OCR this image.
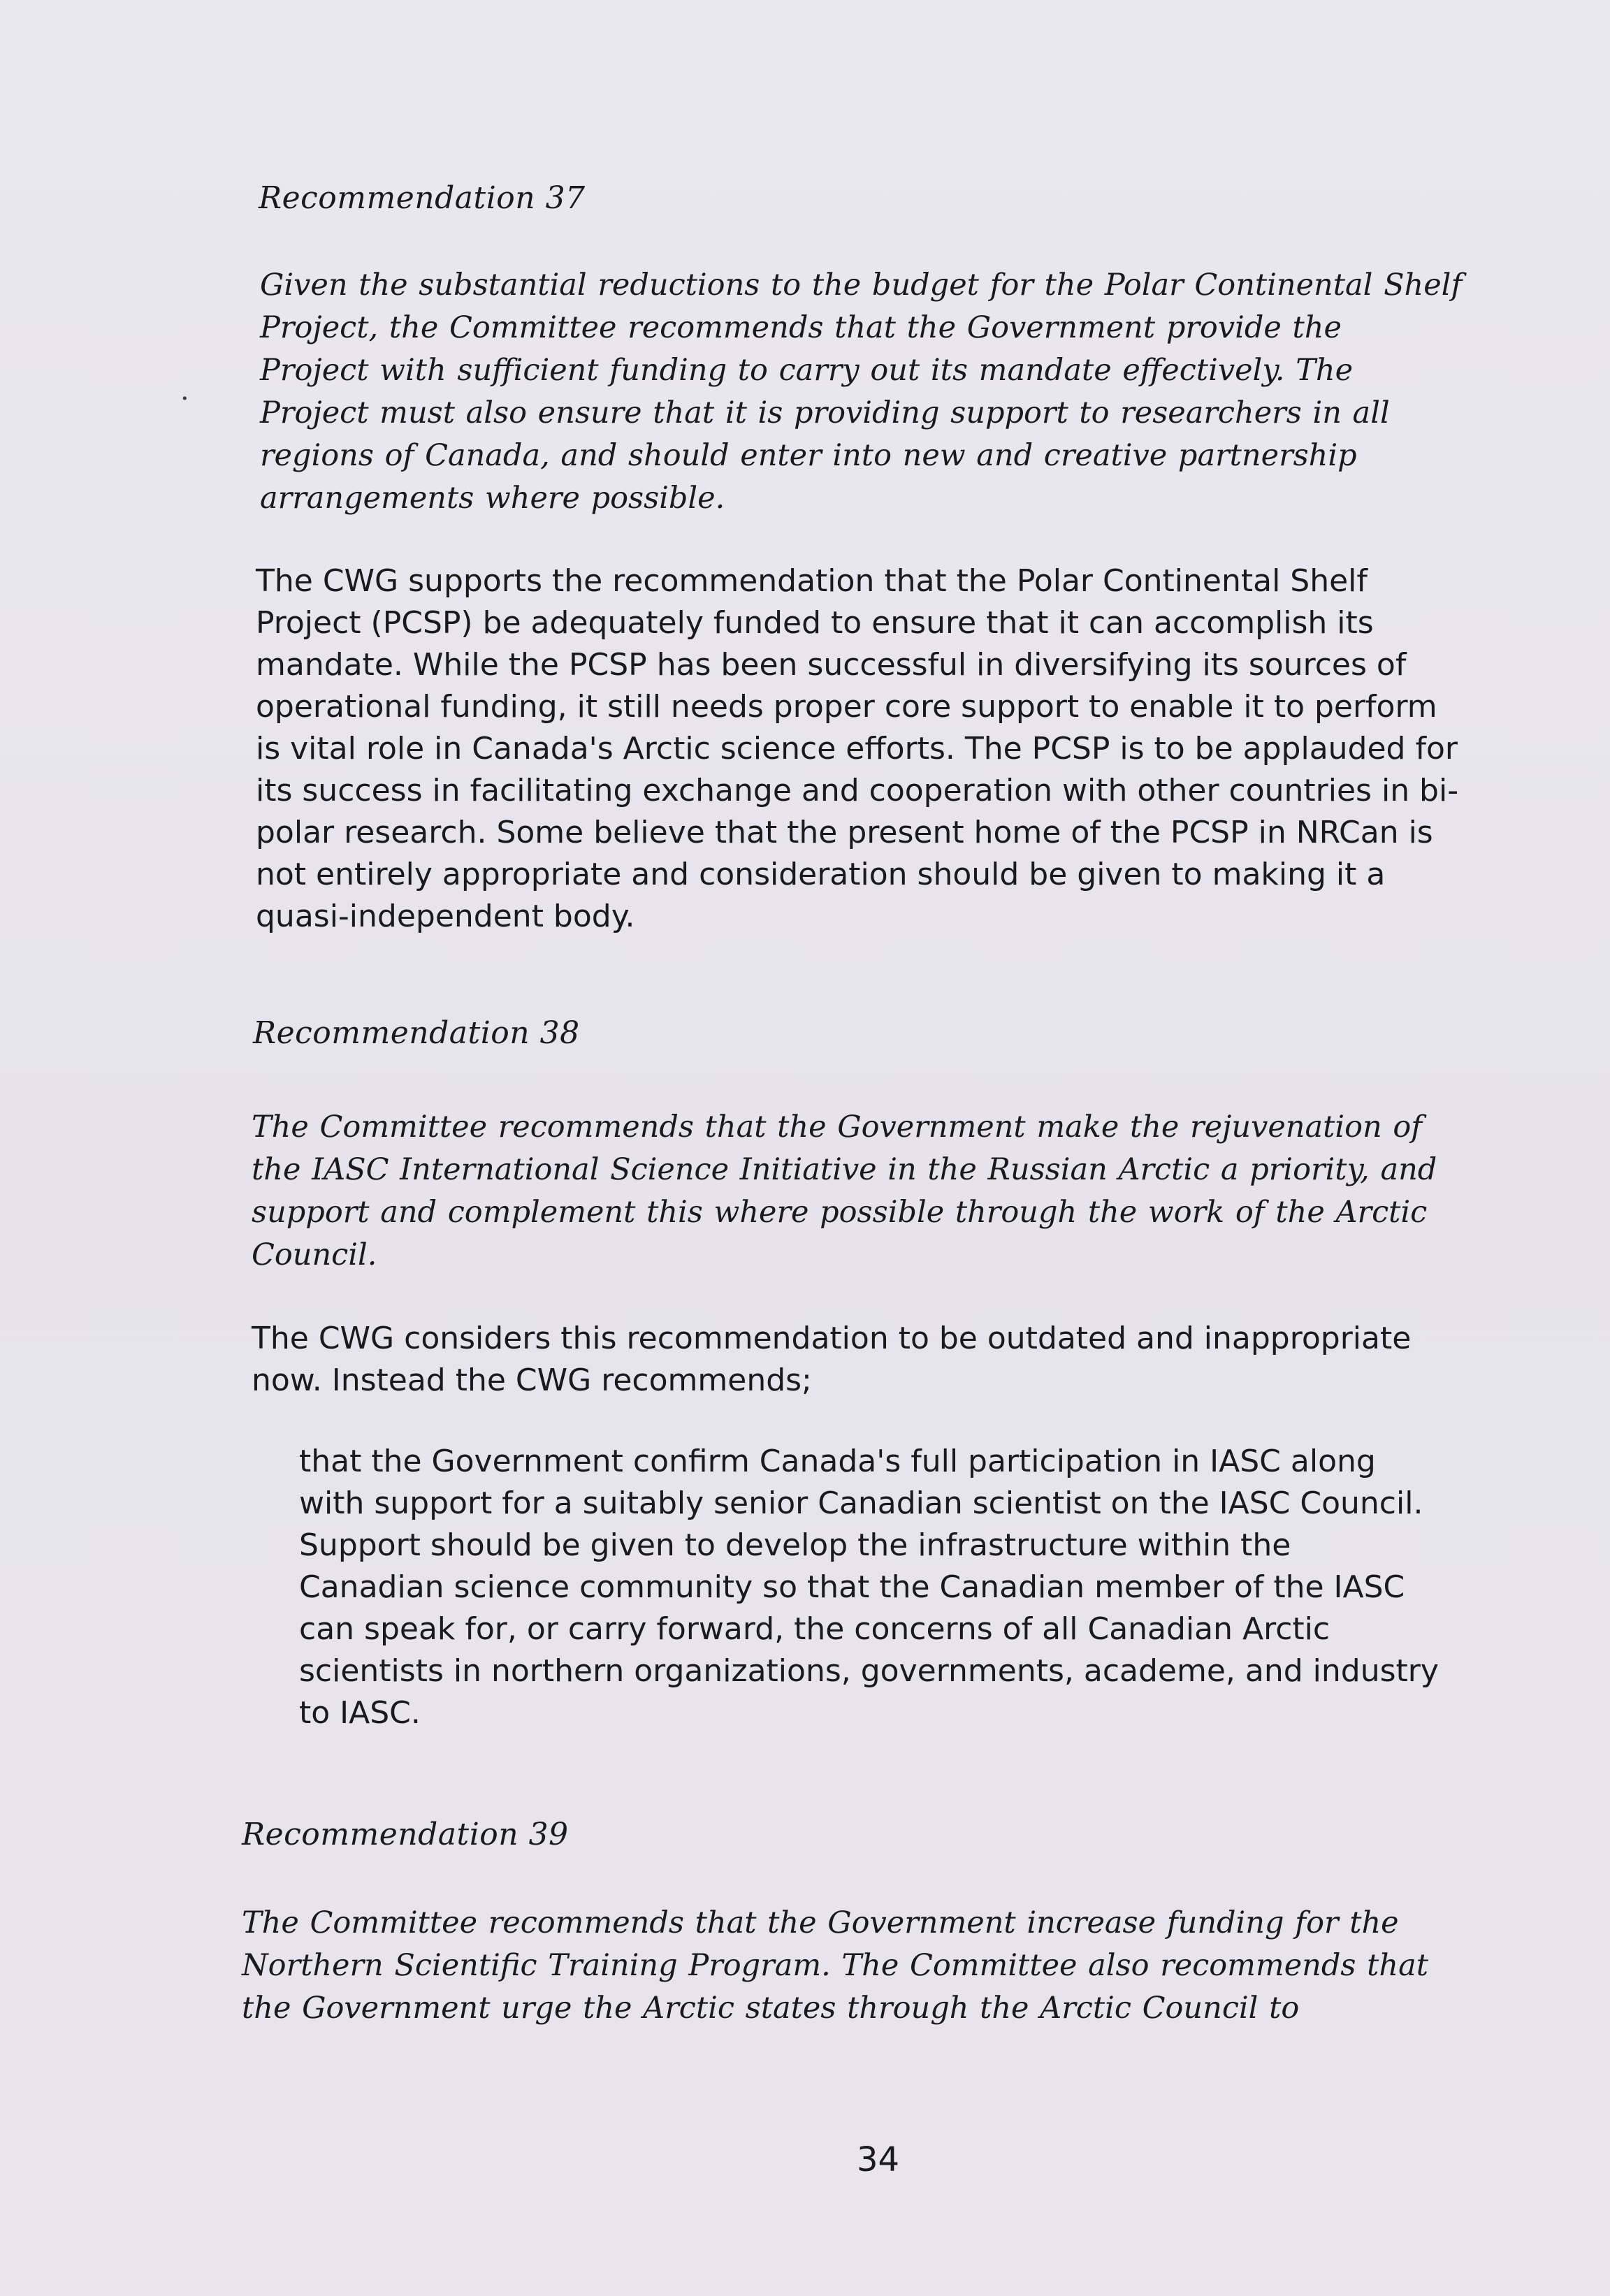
Recommendation 37
Given the substantial reductions to the budget for the Polar Continental Shelf
Project, the Committee recommends that the Government provide the
Project with sufficient funding to carry out its mandate effectively. The
Project must also ensure that it is providing support to researchers in all
regions of Canada, and should enter into new and creative partnership
arrangements where possible.
·
The CWG supports the recommendation that the Polar Continental Shelf
Project (PCSP) be adequately funded to ensure that it can accomplish its
mandate. While the PCSP has been successful in diversifying its sources of
operational funding, it still needs proper core support to enable it to perform
is vital role in Canada's Arctic science efforts. The PCSP is to be applauded for
its success in facilitating exchange and cooperation with other countries in bi-
polar research. Some believe that the present home of the PCSP in NRCan is
not entirely appropriate and consideration should be given to making it a
quasi-independent body.
Recommendation 38
The Committee recommends that the Government make the rejuvenation of
the IASC International Science Initiative in the Russian Arctic a priority, and
support and complement this where possible through the work of the Arctic
Council.
The CWG considers this recommendation to be outdated and inappropriate
now. Instead the CWG recommends;
that the Government confirm Canada's full participation in IASC along
with support for a suitably senior Canadian scientist on the IASC Council.
Support should be given to develop the infrastructure within the
Canadian science community so that the Canadian member of the IASC
can speak for, or carry forward, the concerns of all Canadian Arctic
scientists in northern organizations, governments, academe, and industry
to IASC.
Recommendation 39
The Committee recommends that the Government increase funding for the
Northern Scientific Training Program. The Committee also recommends that
the Government urge the Arctic states through the Arctic Council to
34
